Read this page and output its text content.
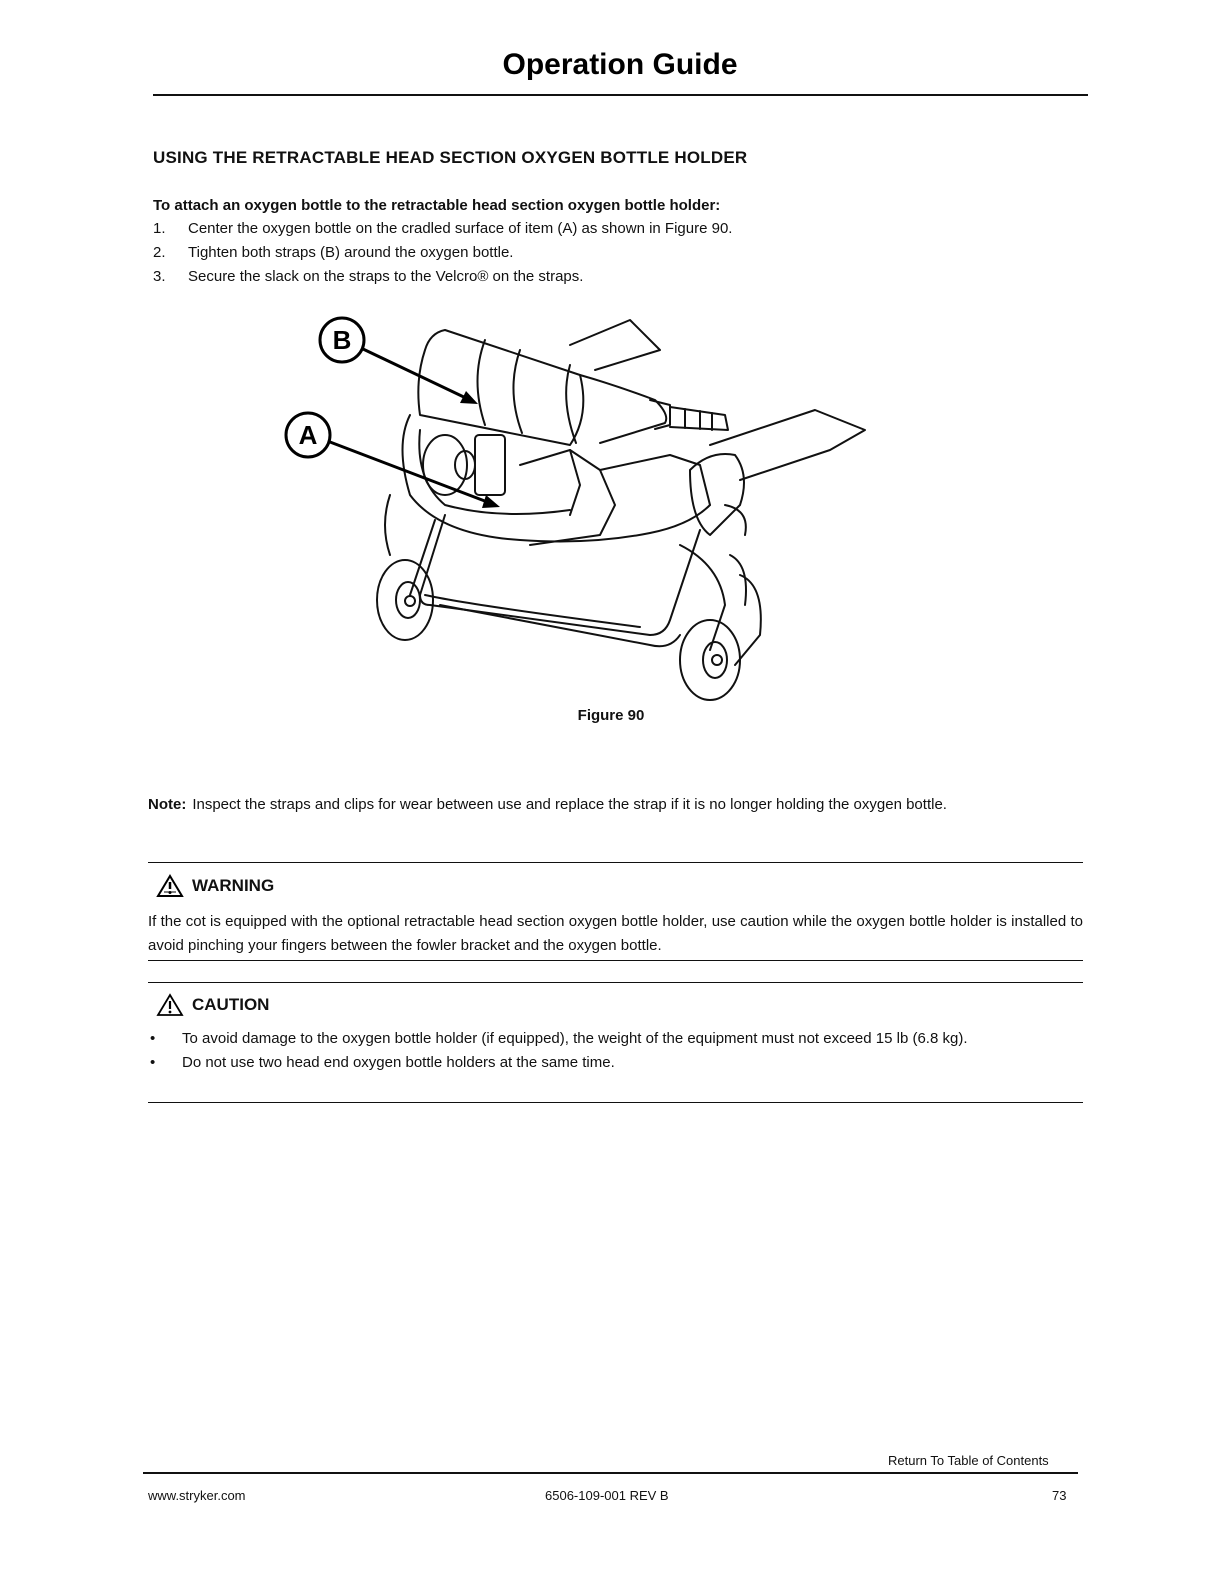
Operation Guide
USING THE RETRACTABLE HEAD SECTION OXYGEN BOTTLE HOLDER
To attach an oxygen bottle to the retractable head section oxygen bottle holder:
1. Center the oxygen bottle on the cradled surface of item (A) as shown in Figure 90.
2. Tighten both straps (B) around the oxygen bottle.
3. Secure the slack on the straps to the Velcro® on the straps.
B
A
Figure 90
Note: Inspect the straps and clips for wear between use and replace the strap if it is no longer holding the oxygen bottle.
WARNING
If the cot is equipped with the optional retractable head section oxygen bottle holder, use caution while the oxygen bottle holder is installed to avoid pinching your fingers between the fowler bracket and the oxygen bottle.
CAUTION
• To avoid damage to the oxygen bottle holder (if equipped), the weight of the equipment must not exceed 15 lb (6.8 kg).
• Do not use two head end oxygen bottle holders at the same time.
Return To Table of Contents
www.stryker.com	6506-109-001 REV B	73
